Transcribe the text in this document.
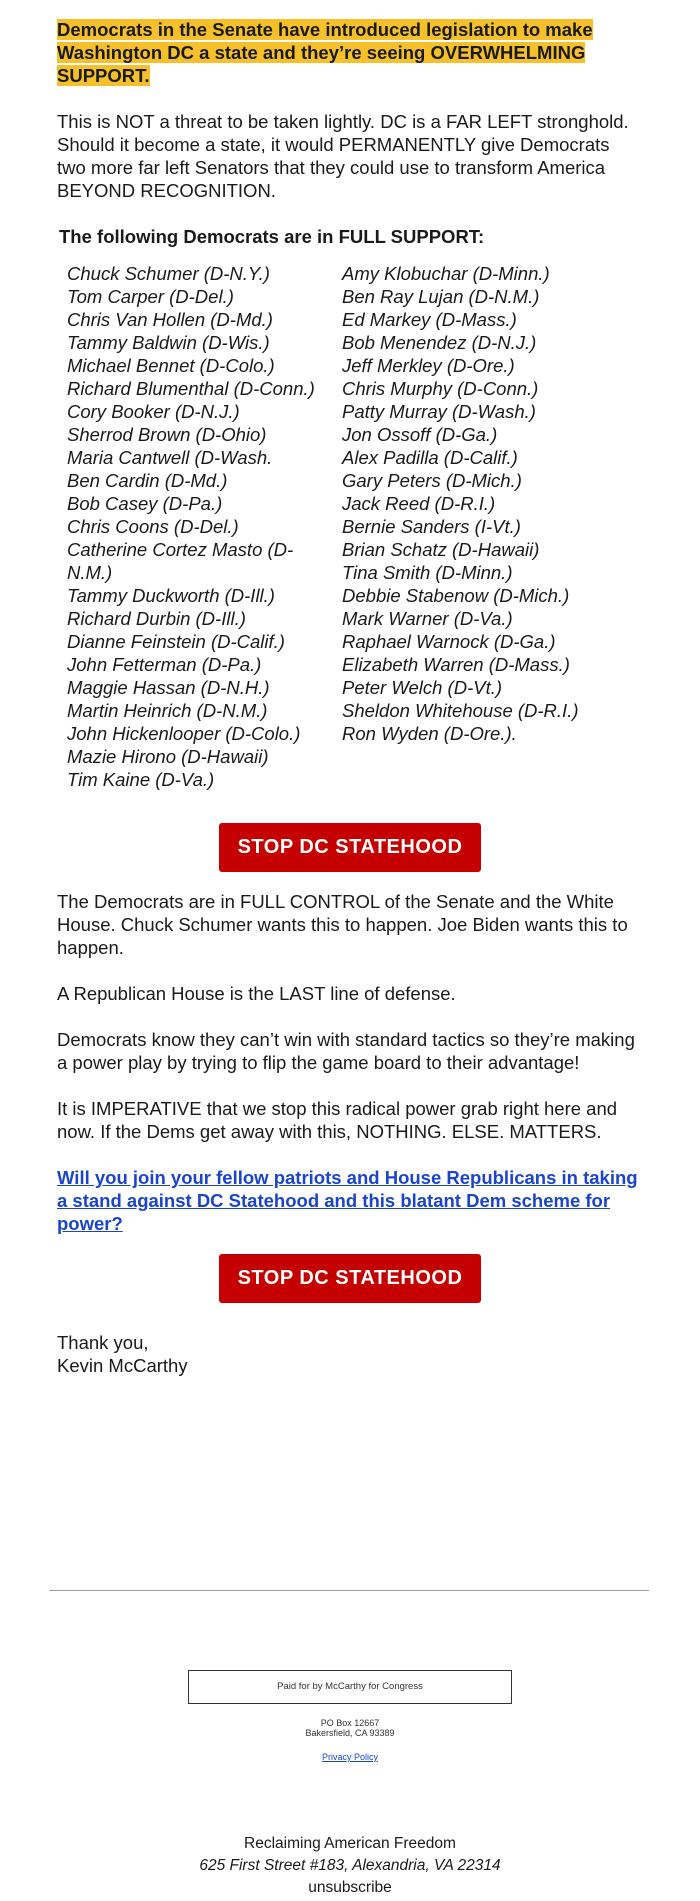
Democrats in the Senate have introduced legislation to make Washington DC a state and they’re seeing OVERWHELMING SUPPORT.

This is NOT a threat to be taken lightly. DC is a FAR LEFT stronghold. Should it become a state, it would PERMANENTLY give Democrats two more far left Senators that they could use to transform America BEYOND RECOGNITION.

The following Democrats are in FULL SUPPORT:

Chuck Schumer (D-N.Y.)
Tom Carper (D-Del.)
Chris Van Hollen (D-Md.)
Tammy Baldwin (D-Wis.)
Michael Bennet (D-Colo.)
Richard Blumenthal (D-Conn.)
Cory Booker (D-N.J.)
Sherrod Brown (D-Ohio)
Maria Cantwell (D-Wash.
Ben Cardin (D-Md.)
Bob Casey (D-Pa.)
Chris Coons (D-Del.)
Catherine Cortez Masto (D-N.M.)
Tammy Duckworth (D-Ill.)
Richard Durbin (D-Ill.)
Dianne Feinstein (D-Calif.)
John Fetterman (D-Pa.)
Maggie Hassan (D-N.H.)
Martin Heinrich (D-N.M.)
John Hickenlooper (D-Colo.)
Mazie Hirono (D-Hawaii)
Tim Kaine (D-Va.)
Amy Klobuchar (D-Minn.)
Ben Ray Lujan (D-N.M.)
Ed Markey (D-Mass.)
Bob Menendez (D-N.J.)
Jeff Merkley (D-Ore.)
Chris Murphy (D-Conn.)
Patty Murray (D-Wash.)
Jon Ossoff (D-Ga.)
Alex Padilla (D-Calif.)
Gary Peters (D-Mich.)
Jack Reed (D-R.I.)
Bernie Sanders (I-Vt.)
Brian Schatz (D-Hawaii)
Tina Smith (D-Minn.)
Debbie Stabenow (D-Mich.)
Mark Warner (D-Va.)
Raphael Warnock (D-Ga.)
Elizabeth Warren (D-Mass.)
Peter Welch (D-Vt.)
Sheldon Whitehouse (D-R.I.)
Ron Wyden (D-Ore.).
STOP DC STATEHOOD

The Democrats are in FULL CONTROL of the Senate and the White House. Chuck Schumer wants this to happen. Joe Biden wants this to happen.

A Republican House is the LAST line of defense.

Democrats know they can’t win with standard tactics so they’re making a power play by trying to flip the game board to their advantage!

It is IMPERATIVE that we stop this radical power grab right here and now. If the Dems get away with this, NOTHING. ELSE. MATTERS.

Will you join your fellow patriots and House Republicans in taking a stand against DC Statehood and this blatant Dem scheme for power?
STOP DC STATEHOOD

Thank you,

Kevin McCarthy

Paid for by McCarthy for Congress
PO Box 12667
Bakersfield, CA 93389
Privacy Policy
Reclaiming American Freedom
625 First Street #183, Alexandria, VA 22314
unsubscribe
